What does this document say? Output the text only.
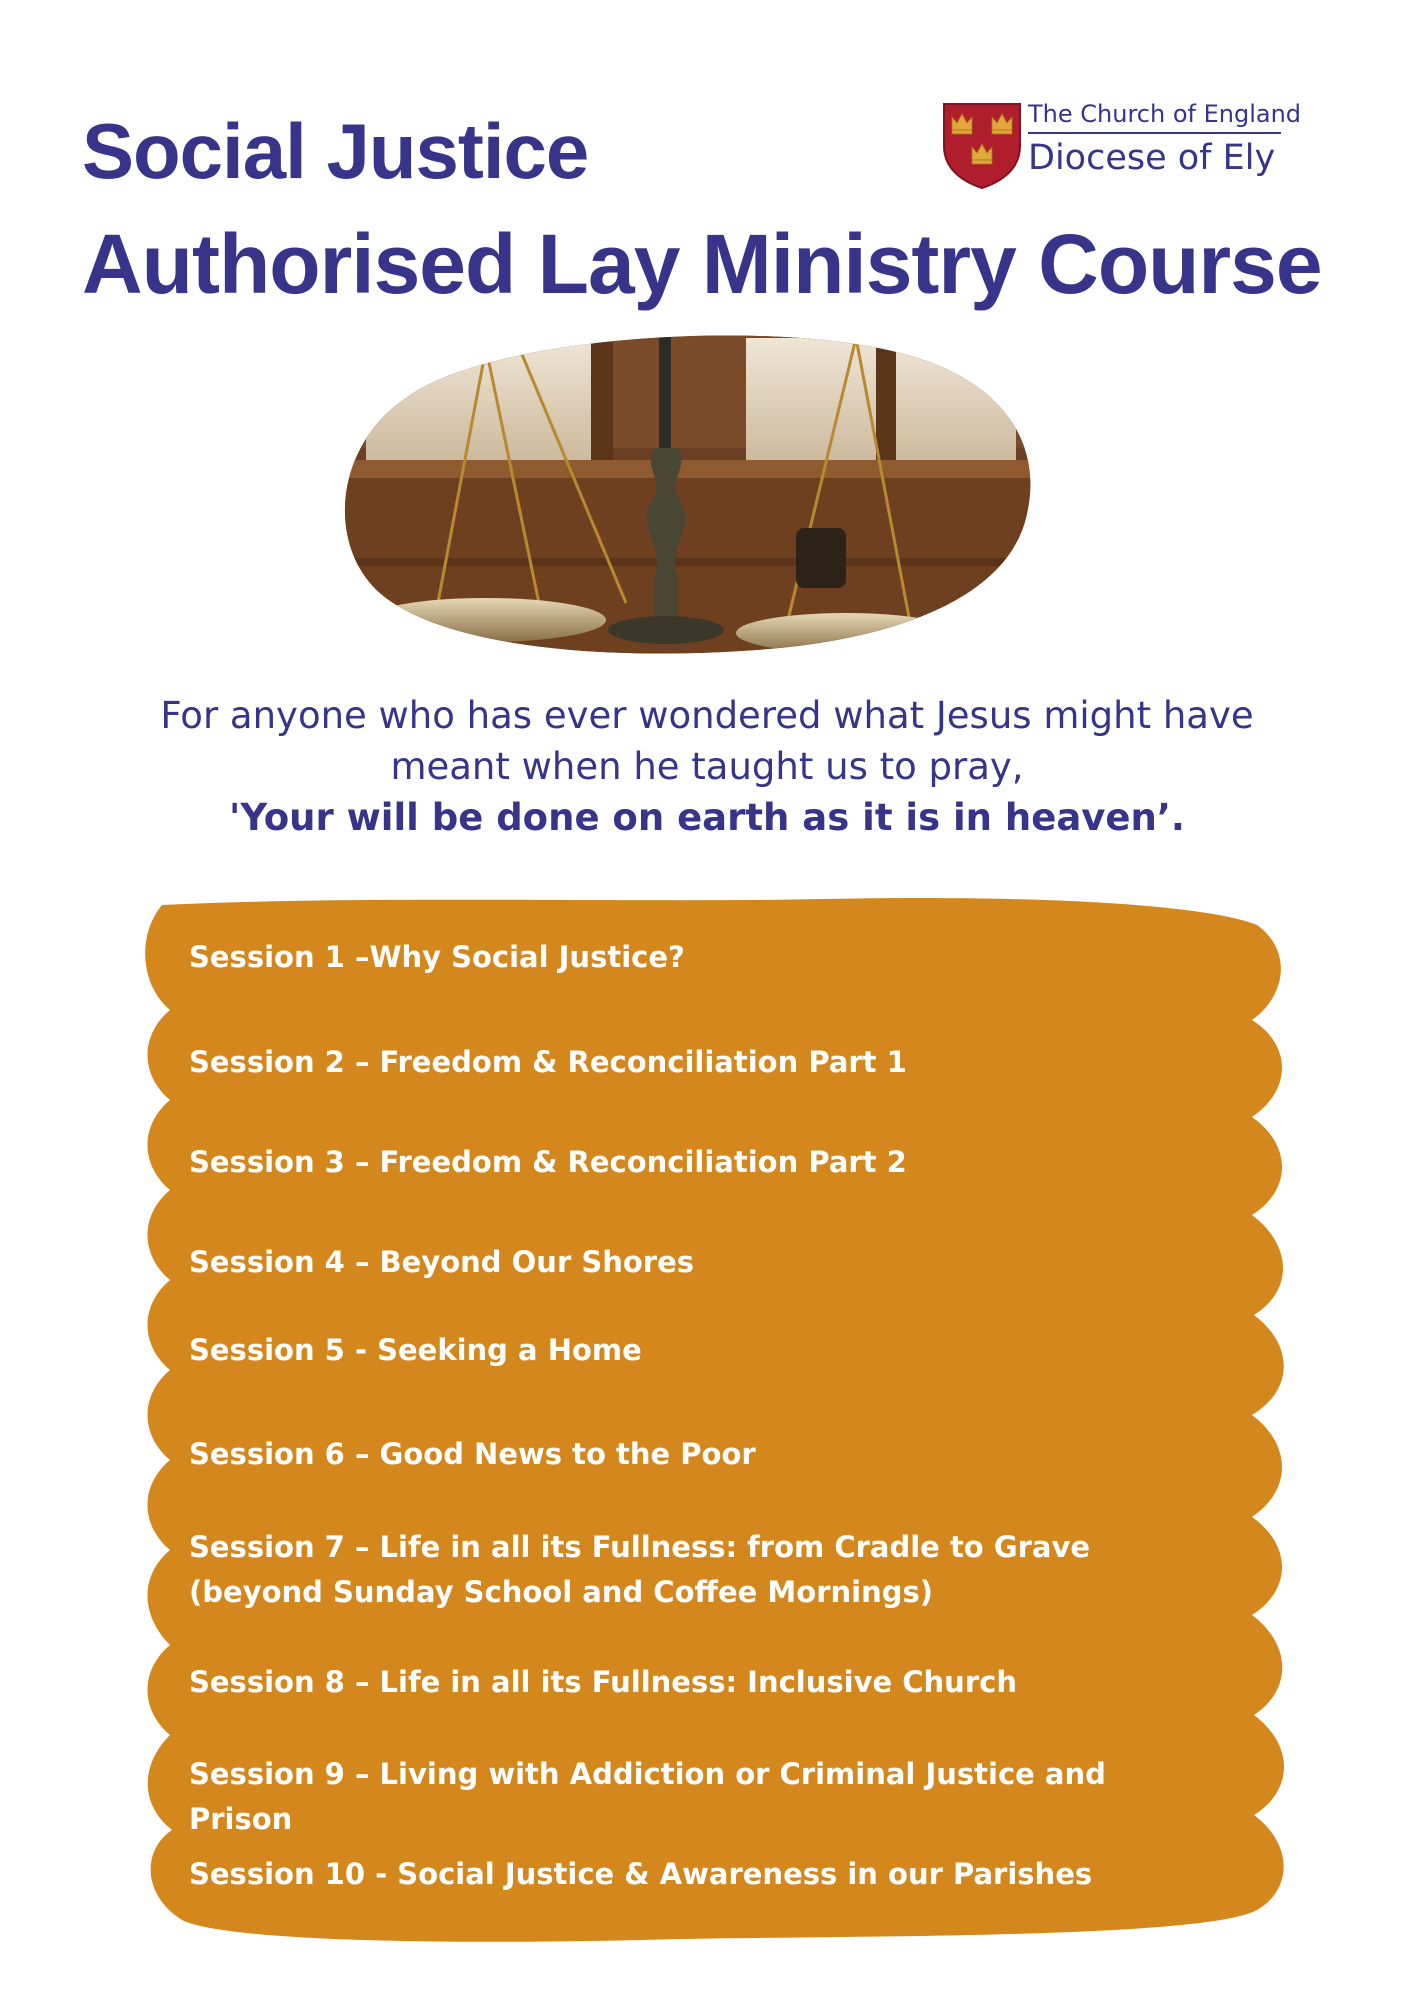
Social Justice
Authorised Lay Ministry Course
The Church of England
Diocese of Ely
For anyone who has ever wondered what Jesus might have
meant when he taught us to pray,
'Your will be done on earth as it is in heaven’.

Session 1 –Why Social Justice?

Session 2 – Freedom & Reconciliation Part 1

Session 3 – Freedom & Reconciliation Part 2

Session 4 – Beyond Our Shores

Session 5 - Seeking a Home

Session 6 – Good News to the Poor

Session 7 – Life in all its Fullness: from Cradle to Grave (beyond Sunday School and Coffee Mornings)

Session 8 – Life in all its Fullness: Inclusive Church

Session 9 – Living with Addiction or Criminal Justice and Prison

Session 10 - Social Justice & Awareness in our Parishes
